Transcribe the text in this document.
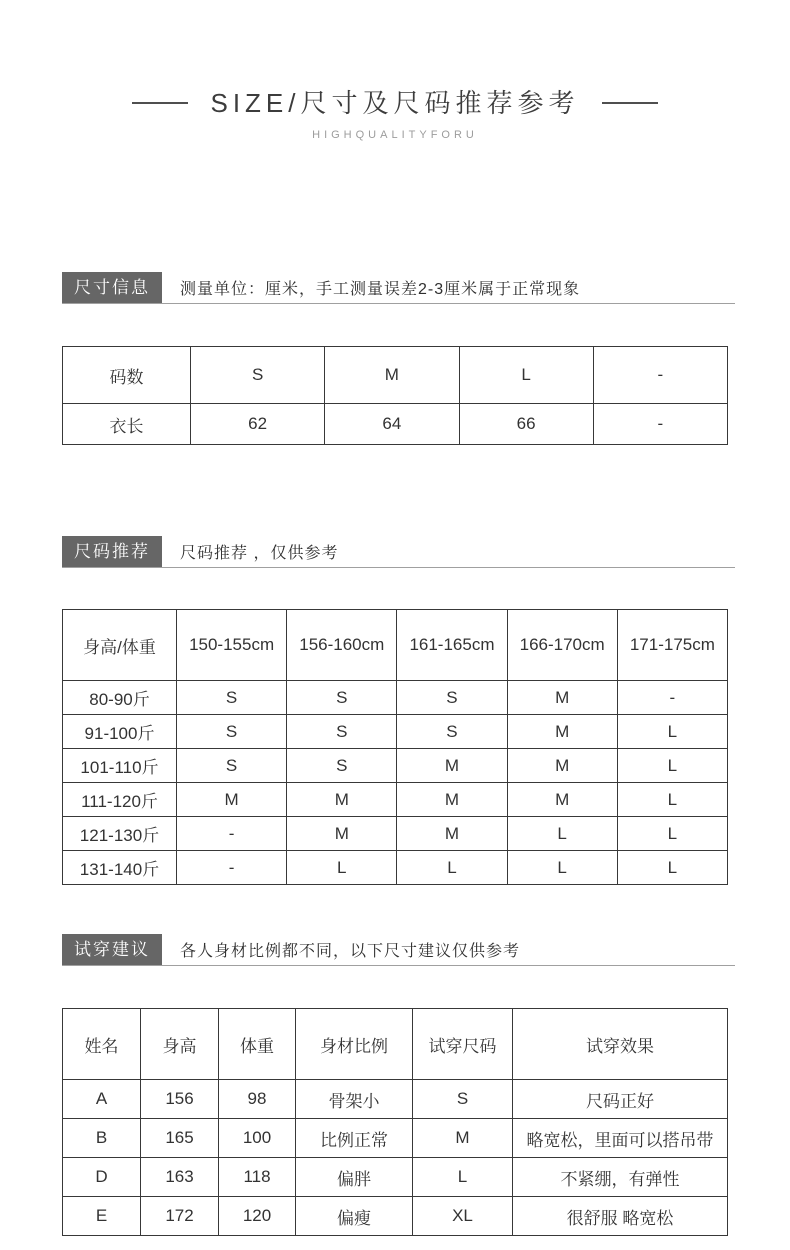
SIZE/尺寸及尺码推荐参考
HIGHQUALITYFORU
尺寸信息	测量单位：厘米，手工测量误差2-3厘米属于正常现象
码数	S	M	L	-
衣长	62	64	66	-
尺码推荐	尺码推荐 ，仅供参考
身高/体重	150-155cm	156-160cm	161-165cm	166-170cm	171-175cm
80-90斤	S	S	S	M	-
91-100斤	S	S	S	M	L
101-110斤	S	S	M	M	L
111-120斤	M	M	M	M	L
121-130斤	-	M	M	L	L
131-140斤	-	L	L	L	L
试穿建议	各人身材比例都不同，以下尺寸建议仅供参考
姓名	身高	体重	身材比例	试穿尺码	试穿效果
A	156	98	骨架小	S	尺码正好
B	165	100	比例正常	M	略宽松，里面可以搭吊带
D	163	118	偏胖	L	不紧绷，有弹性
E	172	120	偏瘦	XL	很舒服 略宽松
